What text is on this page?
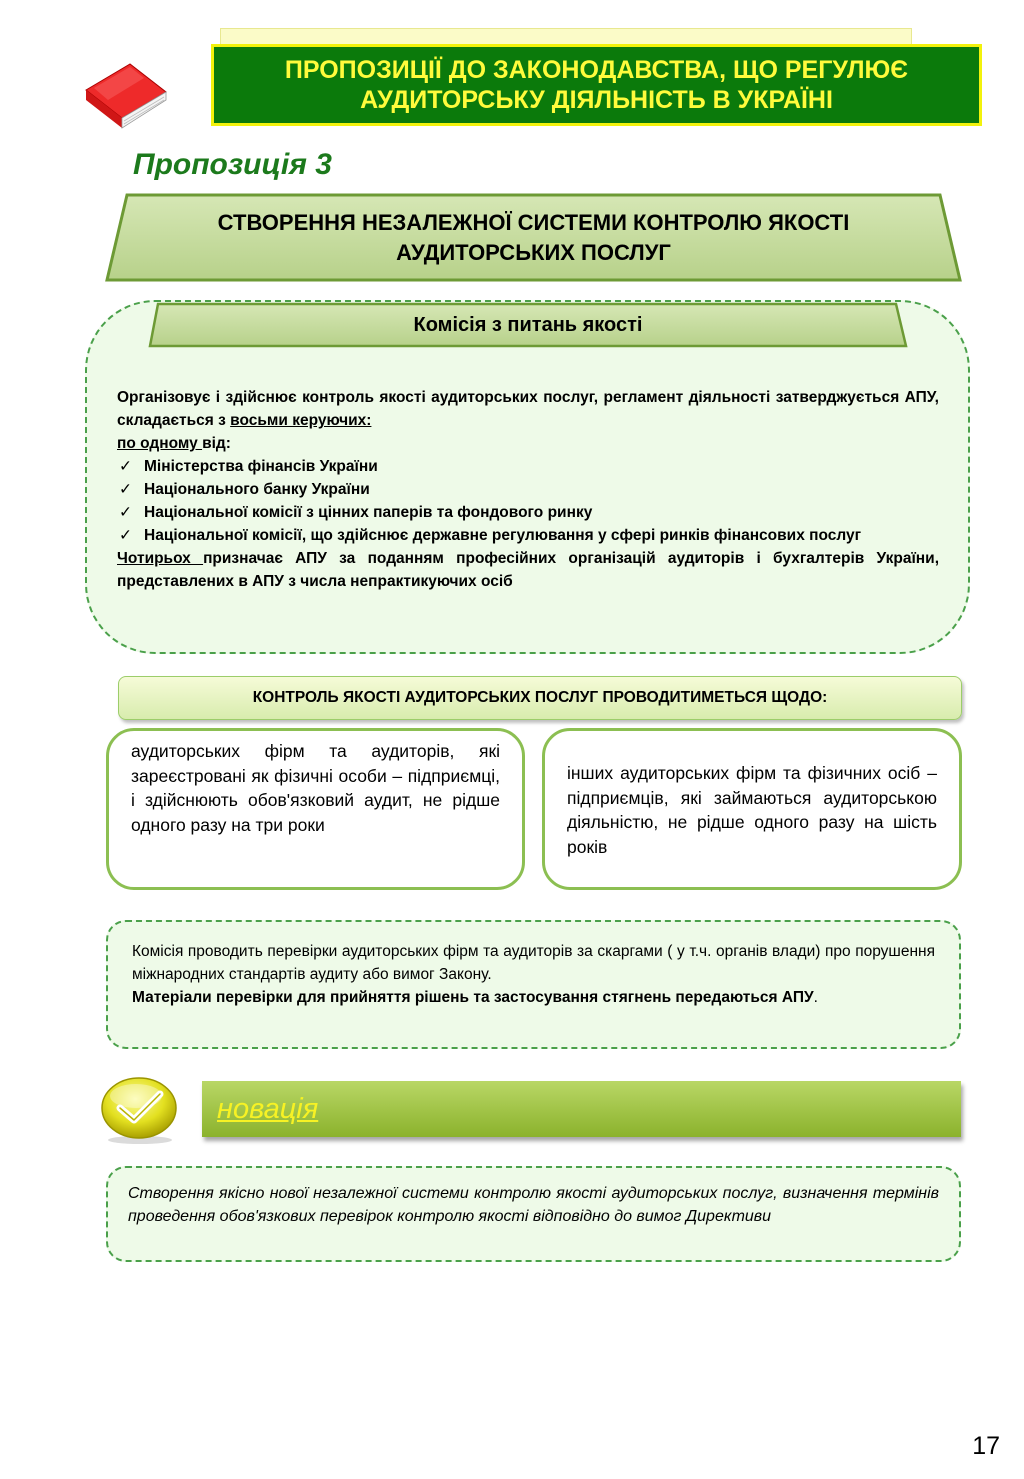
ПРОПОЗИЦІЇ ДО ЗАКОНОДАВСТВА, ЩО РЕГУЛЮЄ АУДИТОРСЬКУ ДІЯЛЬНІСТЬ В УКРАЇНІ
Пропозиція 3
СТВОРЕННЯ НЕЗАЛЕЖНОЇ СИСТЕМИ КОНТРОЛЮ ЯКОСТІ АУДИТОРСЬКИХ ПОСЛУГ
Комісія з питань якості

Організовує і здійснює контроль якості аудиторських послуг, регламент діяльності затверджується АПУ, складається з восьми керуючих:

по одному від:

✓ Міністерства фінансів України
✓ Національного банку України
✓ Національної комісії з цінних паперів та фондового ринку
✓ Національної комісії, що здійснює державне регулювання у сфері ринків фінансових послуг

Чотирьох призначає АПУ за поданням професійних організацій аудиторів і бухгалтерів України, представлених в АПУ з числа непрактикуючих осіб

КОНТРОЛЬ ЯКОСТІ АУДИТОРСЬКИХ ПОСЛУГ ПРОВОДИТИМЕТЬСЯ ЩОДО:
аудиторських фірм та аудиторів, які зареєстровані як фізичні особи – підприємці, і здійснюють обов'язковий аудит, не рідше одного разу на три роки
інших аудиторських фірм та фізичних осіб – підприємців, які займаються аудиторською діяльністю, не рідше одного разу на шість років

Комісія проводить перевірки аудиторських фірм та аудиторів за скаргами ( у т.ч. органів влади) про порушення міжнародних стандартів аудиту або вимог Закону.

Матеріали перевірки для прийняття рішень та застосування стягнень передаються АПУ.

новація
Створення якісно нової незалежної системи контролю якості аудиторських послуг, визначення термінів проведення обов'язкових перевірок контролю якості відповідно до вимог Директиви
17
